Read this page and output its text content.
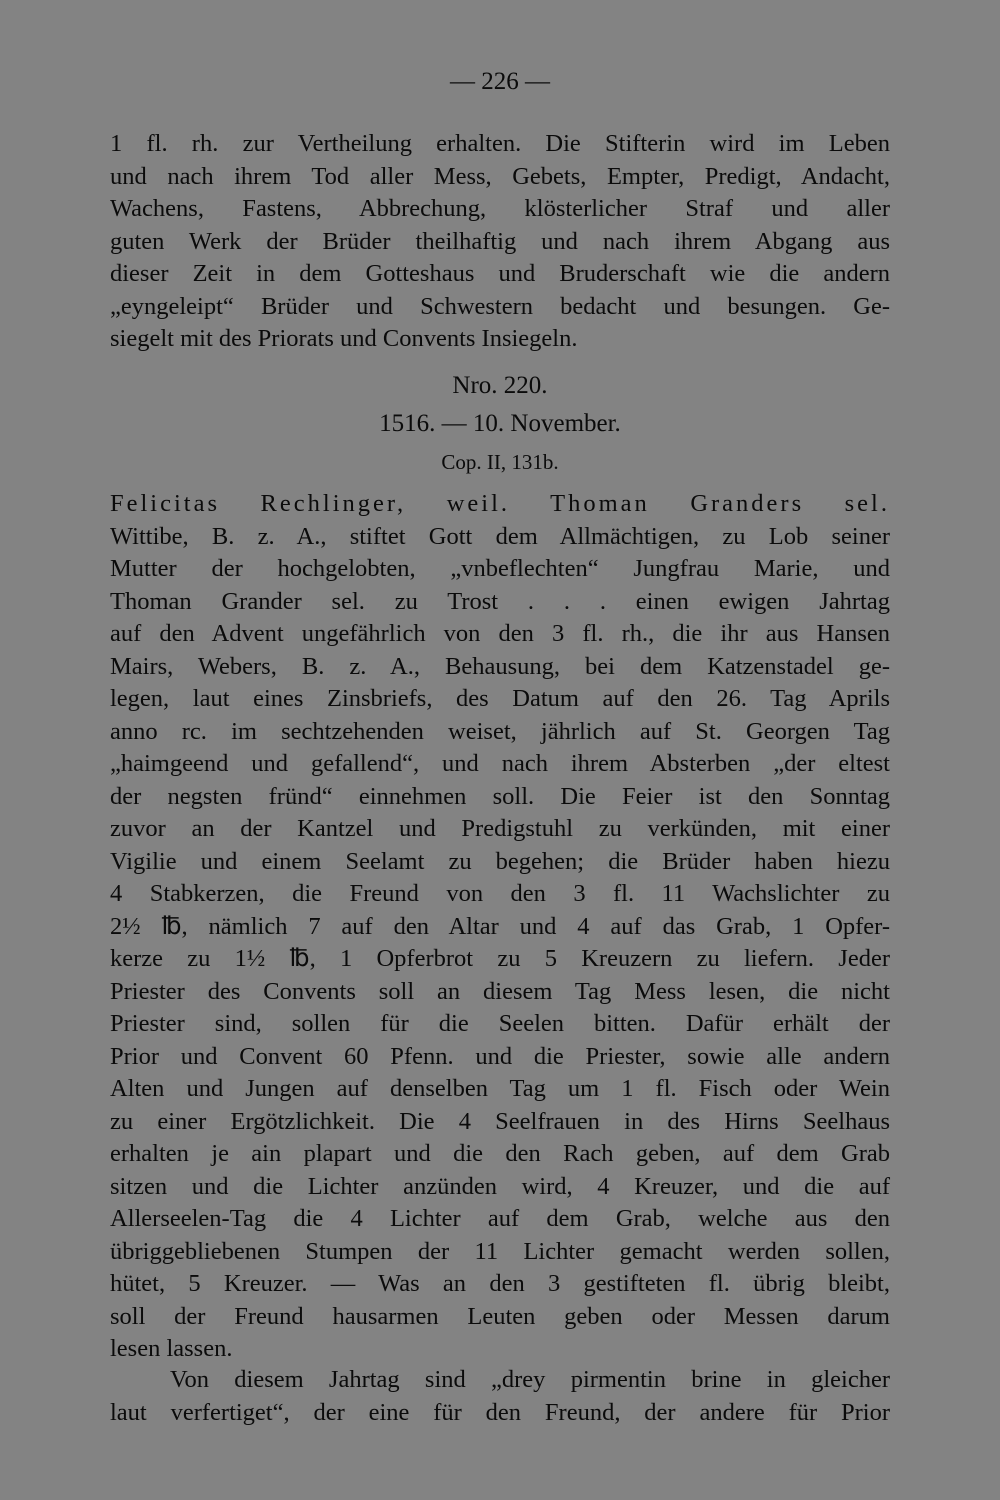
— 226 —

1 fl. rh. zur Vertheilung erhalten. Die Stifterin wird im Leben
und nach ihrem Tod aller Mess, Gebets, Empter, Predigt, Andacht,
Wachens, Fastens, Abbrechung, klösterlicher Straf und aller
guten Werk der Brüder theilhaftig und nach ihrem Abgang aus
dieser Zeit in dem Gotteshaus und Bruderschaft wie die andern
„eyngeleipt“ Brüder und Schwestern bedacht und besungen. Ge-
siegelt mit des Priorats und Convents Insiegeln.

Nro. 220.

1516. — 10. November.

Cop. II, 131b.

Felicitas Rechlinger, weil. Thoman Granders sel.
Wittibe, B. z. A., stiftet Gott dem Allmächtigen, zu Lob seiner
Mutter der hochgelobten, „vnbeflechten“ Jungfrau Marie, und
Thoman Grander sel. zu Trost . . . einen ewigen Jahrtag
auf den Advent ungefährlich von den 3 fl. rh., die ihr aus Hansen
Mairs, Webers, B. z. A., Behausung, bei dem Katzenstadel ge-
legen, laut eines Zinsbriefs, des Datum auf den 26. Tag Aprils
anno rc. im sechtzehenden weiset, jährlich auf St. Georgen Tag
„haimgeend und gefallend“, und nach ihrem Absterben „der eltest
der negsten fründ“ einnehmen soll. Die Feier ist den Sonntag
zuvor an der Kantzel und Predigstuhl zu verkünden, mit einer
Vigilie und einem Seelamt zu begehen; die Brüder haben hiezu
4 Stabkerzen, die Freund von den 3 fl. 11 Wachslichter zu
2½ ℔, nämlich 7 auf den Altar und 4 auf das Grab, 1 Opfer-
kerze zu 1½ ℔, 1 Opferbrot zu 5 Kreuzern zu liefern. Jeder
Priester des Convents soll an diesem Tag Mess lesen, die nicht
Priester sind, sollen für die Seelen bitten. Dafür erhält der
Prior und Convent 60 Pfenn. und die Priester, sowie alle andern
Alten und Jungen auf denselben Tag um 1 fl. Fisch oder Wein
zu einer Ergötzlichkeit. Die 4 Seelfrauen in des Hirns Seelhaus
erhalten je ain plapart und die den Rach geben, auf dem Grab
sitzen und die Lichter anzünden wird, 4 Kreuzer, und die auf
Allerseelen-Tag die 4 Lichter auf dem Grab, welche aus den
übriggebliebenen Stumpen der 11 Lichter gemacht werden sollen,
hütet, 5 Kreuzer. — Was an den 3 gestifteten fl. übrig bleibt,
soll der Freund hausarmen Leuten geben oder Messen darum
lesen lassen.

Von diesem Jahrtag sind „drey pirmentin brine in gleicher
laut verfertiget“, der eine für den Freund, der andere für Prior
